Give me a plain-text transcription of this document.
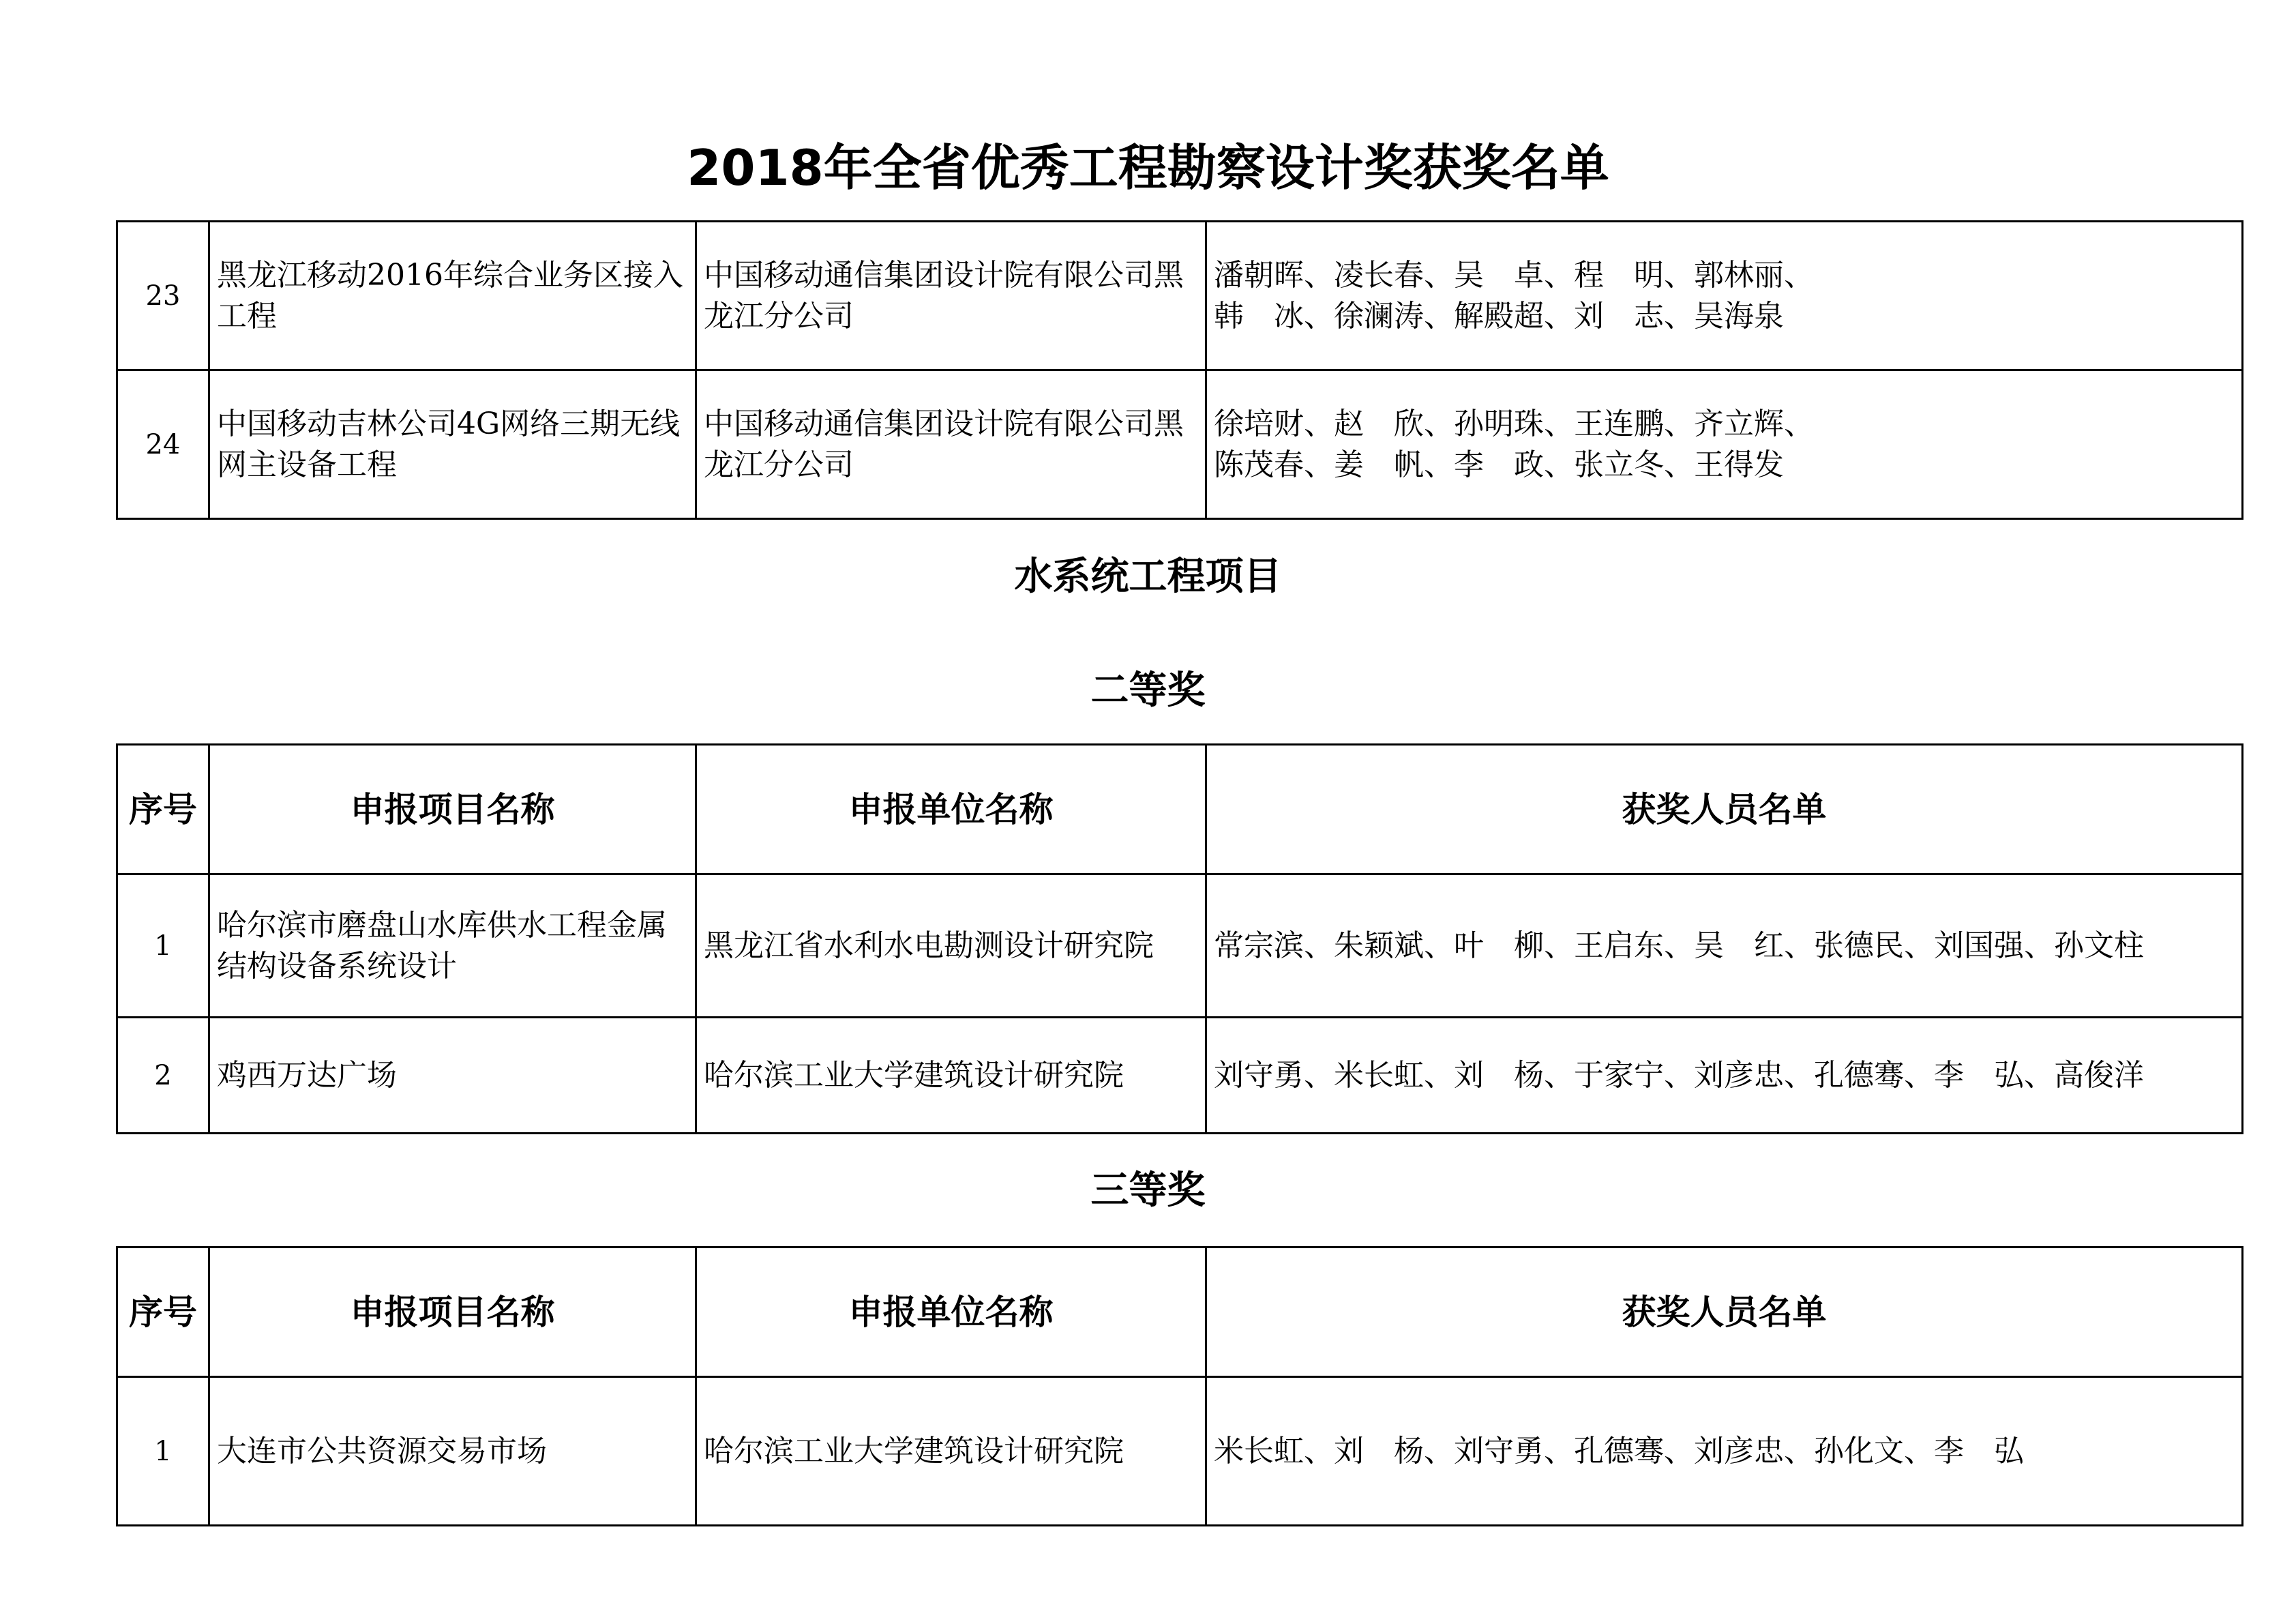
2018年全省优秀工程勘察设计奖获奖名单
23	黑龙江移动2016年综合业务区接入工程	中国移动通信集团设计院有限公司黑龙江分公司	潘朝晖、凌长春、吴　卓、程　明、郭林丽、
韩　冰、徐澜涛、解殿超、刘　志、吴海泉

24	中国移动吉林公司4G网络三期无线网主设备工程	中国移动通信集团设计院有限公司黑龙江分公司	徐培财、赵　欣、孙明珠、王连鹏、齐立辉、
陈茂春、姜　帆、李　政、张立冬、王得发
水系统工程项目
二等奖
序号	申报项目名称	申报单位名称	获奖人员名单
1	哈尔滨市磨盘山水库供水工程金属结构设备系统设计	黑龙江省水利水电勘测设计研究院	常宗滨、朱颖斌、叶　柳、王启东、吴　红、张德民、刘国强、孙文柱
2	鸡西万达广场	哈尔滨工业大学建筑设计研究院	刘守勇、米长虹、刘　杨、于家宁、刘彦忠、孔德骞、李　弘、高俊洋
三等奖
序号	申报项目名称	申报单位名称	获奖人员名单
1	大连市公共资源交易市场	哈尔滨工业大学建筑设计研究院	米长虹、刘　杨、刘守勇、孔德骞、刘彦忠、孙化文、李　弘
